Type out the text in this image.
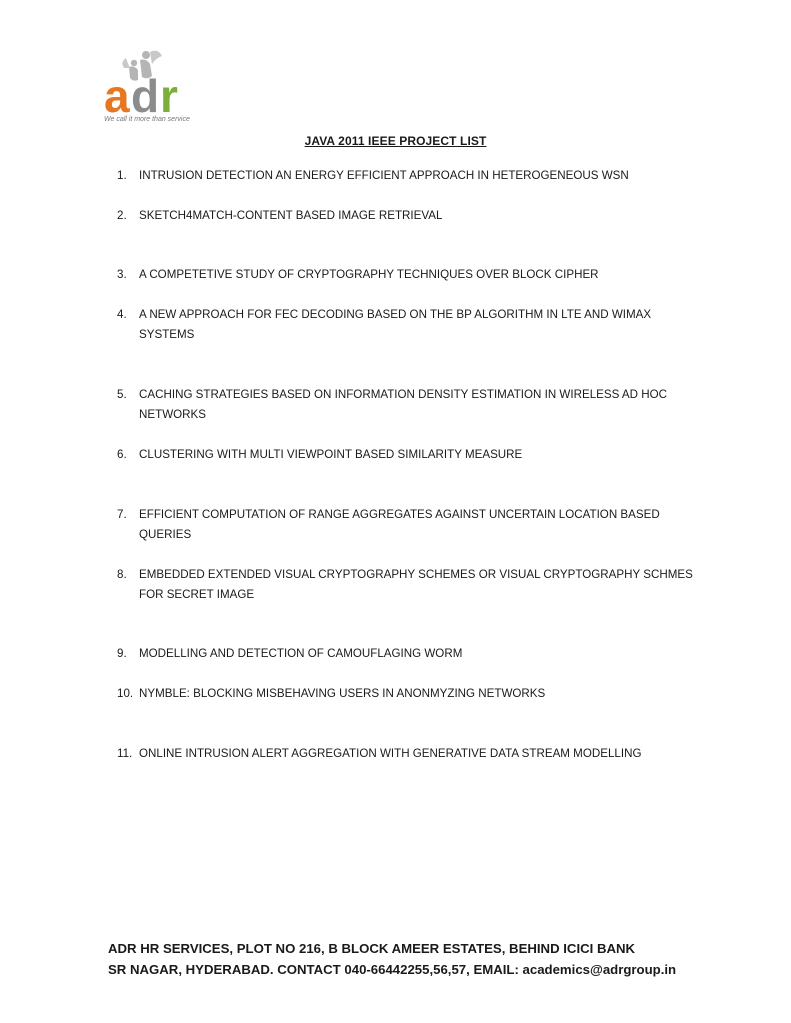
a d r
We call it more than service
JAVA 2011 IEEE PROJECT LIST
1. INTRUSION DETECTION AN ENERGY EFFICIENT APPROACH IN HETEROGENEOUS WSN
2. SKETCH4MATCH-CONTENT BASED IMAGE RETRIEVAL
3. A COMPETETIVE STUDY OF CRYPTOGRAPHY TECHNIQUES OVER BLOCK CIPHER
4. A NEW APPROACH FOR FEC DECODING BASED ON THE BP ALGORITHM IN LTE AND WIMAX SYSTEMS
5. CACHING STRATEGIES BASED ON INFORMATION DENSITY ESTIMATION IN WIRELESS AD HOC NETWORKS
6. CLUSTERING WITH MULTI VIEWPOINT BASED SIMILARITY MEASURE
7. EFFICIENT COMPUTATION OF RANGE AGGREGATES AGAINST UNCERTAIN LOCATION BASED QUERIES
8. EMBEDDED EXTENDED VISUAL CRYPTOGRAPHY SCHEMES OR VISUAL CRYPTOGRAPHY SCHMES FOR SECRET IMAGE
9. MODELLING AND DETECTION OF CAMOUFLAGING WORM
10. NYMBLE: BLOCKING MISBEHAVING USERS IN ANONMYZING NETWORKS
11. ONLINE INTRUSION ALERT AGGREGATION WITH GENERATIVE DATA STREAM MODELLING
ADR HR SERVICES, PLOT NO 216, B BLOCK AMEER ESTATES, BEHIND ICICI BANK
SR NAGAR, HYDERABAD. CONTACT 040-66442255,56,57, EMAIL: academics@adrgroup.in
